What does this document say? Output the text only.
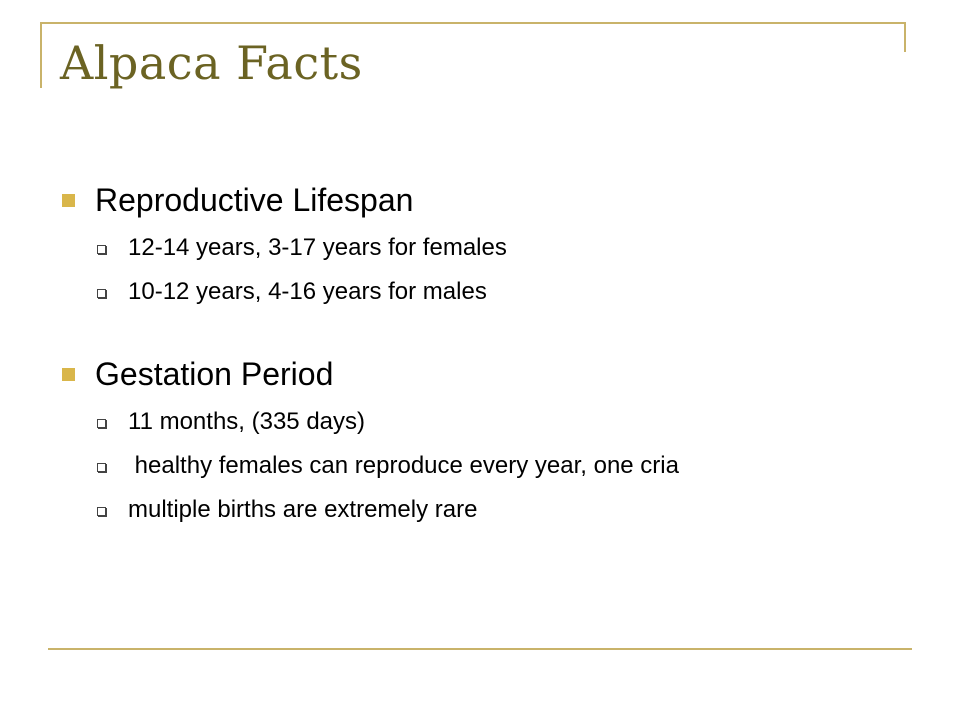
Alpaca Facts
Reproductive Lifespan
12-14 years, 3-17 years for females
10-12 years, 4-16 years for males
Gestation Period
11 months, (335 days)
healthy females can reproduce every year, one cria
multiple births are extremely rare
